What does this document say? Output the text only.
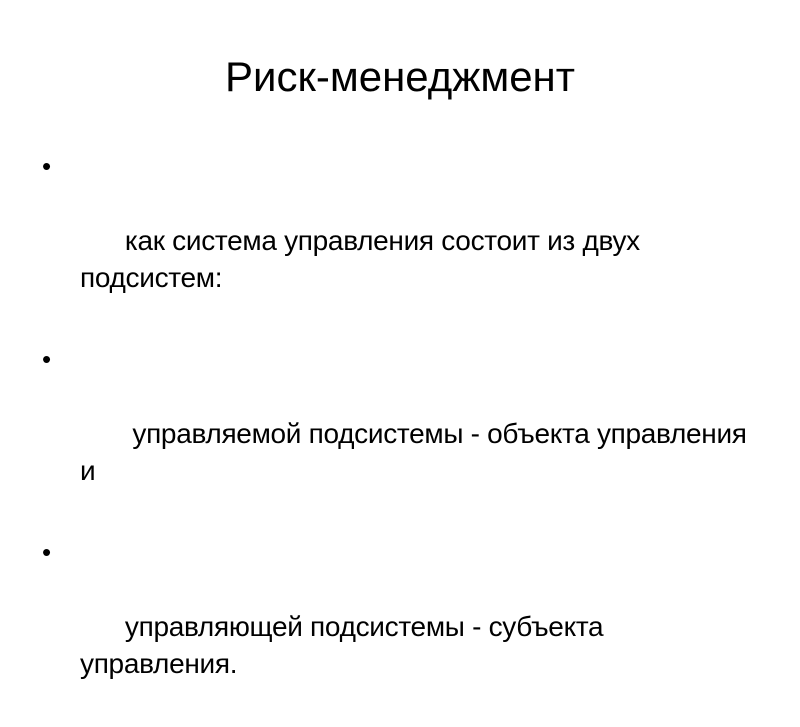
Риск-менеджмент

•

как система управления состоит из двух подсистем:

•

управляемой подсистемы - объекта управления и

•

управляющей подсистемы - субъекта управления.
